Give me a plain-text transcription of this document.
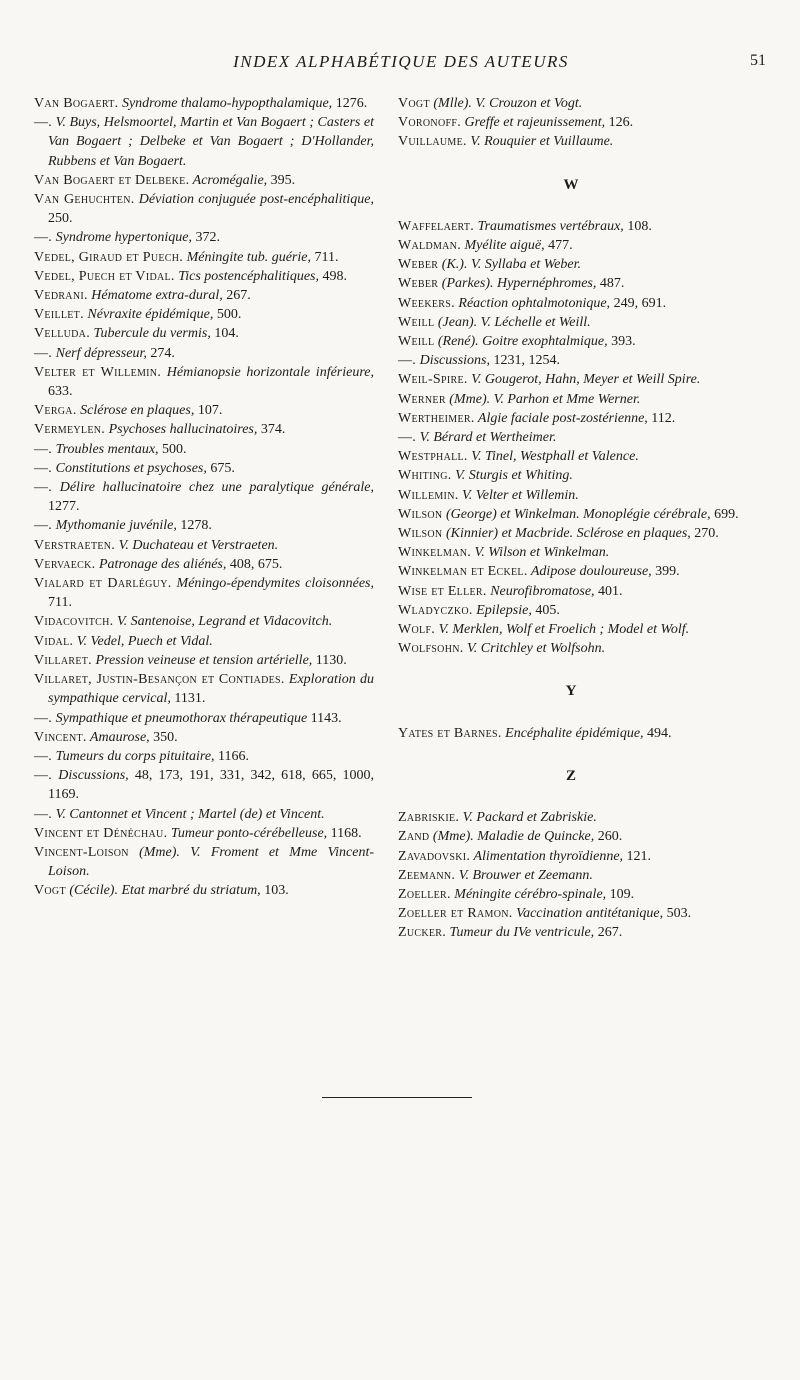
INDEX ALPHABÉTIQUE DES AUTEURS	51

Van Bogaert. Syndrome thalamo-hypopthalamique, 1276.

—. V. Buys, Helsmoortel, Martin et Van Bogaert ; Casters et Van Bogaert ; Delbeke et Van Bogaert ; D'Hollander, Rubbens et Van Bogaert.

Van Bogaert et Delbeke. Acromégalie, 395.

Van Gehuchten. Déviation conjuguée post-encéphalitique, 250.

—. Syndrome hypertonique, 372.

Vedel, Giraud et Puech. Méningite tub. guérie, 711.

Vedel, Puech et Vidal. Tics postencéphalitiques, 498.

Vedrani. Hématome extra-dural, 267.

Veillet. Névraxite épidémique, 500.

Velluda. Tubercule du vermis, 104.

—. Nerf dépresseur, 274.

Velter et Willemin. Hémianopsie horizontale inférieure, 633.

Verga. Sclérose en plaques, 107.

Vermeylen. Psychoses hallucinatoires, 374.

—. Troubles mentaux, 500.

—. Constitutions et psychoses, 675.

—. Délire hallucinatoire chez une paralytique générale, 1277.

—. Mythomanie juvénile, 1278.

Verstraeten. V. Duchateau et Verstraeten.

Vervaeck. Patronage des aliénés, 408, 675.

Vialard et Darléguy. Méningo-épendymites cloisonnées, 711.

Vidacovitch. V. Santenoise, Legrand et Vidacovitch.

Vidal. V. Vedel, Puech et Vidal.

Villaret. Pression veineuse et tension artérielle, 1130.

Villaret, Justin-Besançon et Contiades. Exploration du sympathique cervical, 1131.

—. Sympathique et pneumothorax thérapeutique 1143.

Vincent. Amaurose, 350.

—. Tumeurs du corps pituitaire, 1166.

—. Discussions, 48, 173, 191, 331, 342, 618, 665, 1000, 1169.

—. V. Cantonnet et Vincent ; Martel (de) et Vincent.

Vincent et Dénéchau. Tumeur ponto-cérébelleuse, 1168.

Vincent-Loison (Mme). V. Froment et Mme Vincent-Loison.

Vogt (Cécile). Etat marbré du striatum, 103.

Vogt (Mlle). V. Crouzon et Vogt.

Voronoff. Greffe et rajeunissement, 126.

Vuillaume. V. Rouquier et Vuillaume.

W

Waffelaert. Traumatismes vertébraux, 108.

Waldman. Myélite aiguë, 477.

Weber (K.). V. Syllaba et Weber.

Weber (Parkes). Hypernéphromes, 487.

Weekers. Réaction ophtalmotonique, 249, 691.

Weill (Jean). V. Léchelle et Weill.

Weill (René). Goitre exophtalmique, 393.

—. Discussions, 1231, 1254.

Weil-Spire. V. Gougerot, Hahn, Meyer et Weill Spire.

Werner (Mme). V. Parhon et Mme Werner.

Wertheimer. Algie faciale post-zostérienne, 112.

—. V. Bérard et Wertheimer.

Westphall. V. Tinel, Westphall et Valence.

Whiting. V. Sturgis et Whiting.

Willemin. V. Velter et Willemin.

Wilson (George) et Winkelman. Monoplégie cérébrale, 699.

Wilson (Kinnier) et Macbride. Sclérose en plaques, 270.

Winkelman. V. Wilson et Winkelman.

Winkelman et Eckel. Adipose douloureuse, 399.

Wise et Eller. Neurofibromatose, 401.

Wladyczko. Epilepsie, 405.

Wolf. V. Merklen, Wolf et Froelich ; Model et Wolf.

Wolfsohn. V. Critchley et Wolfsohn.

Y

Yates et Barnes. Encéphalite épidémique, 494.

Z

Zabriskie. V. Packard et Zabriskie.

Zand (Mme). Maladie de Quincke, 260.

Zavadovski. Alimentation thyroïdienne, 121.

Zeemann. V. Brouwer et Zeemann.

Zoeller. Méningite cérébro-spinale, 109.

Zoeller et Ramon. Vaccination antitétanique, 503.

Zucker. Tumeur du IVe ventricule, 267.
